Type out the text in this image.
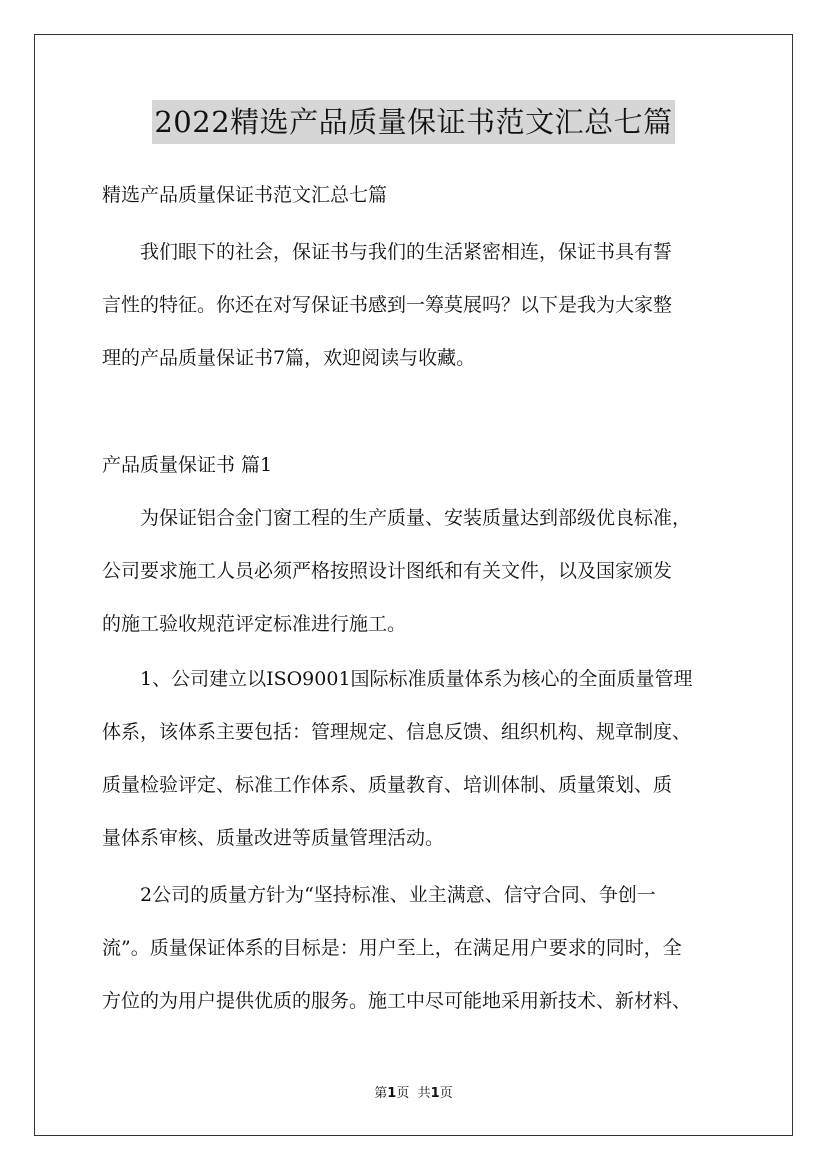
2022精选产品质量保证书范文汇总七篇
精选产品质量保证书范文汇总七篇
　　我们眼下的社会，保证书与我们的生活紧密相连，保证书具有誓
言性的特征。你还在对写保证书感到一筹莫展吗？以下是我为大家整
理的产品质量保证书7篇，欢迎阅读与收藏。
产品质量保证书 篇1
　　为保证铝合金门窗工程的生产质量、安装质量达到部级优良标准，
公司要求施工人员必须严格按照设计图纸和有关文件，以及国家颁发
的施工验收规范评定标准进行施工。
　　1、公司建立以ISO9001国际标准质量体系为核心的全面质量管理
体系，该体系主要包括：管理规定、信息反馈、组织机构、规章制度、
质量检验评定、标准工作体系、质量教育、培训体制、质量策划、质
量体系审核、质量改进等质量管理活动。
　　2公司的质量方针为“坚持标准、业主满意、信守合同、争创一
流”。质量保证体系的目标是：用户至上，在满足用户要求的同时，全
方位的为用户提供优质的服务。施工中尽可能地采用新技术、新材料、
第1页 共1页
